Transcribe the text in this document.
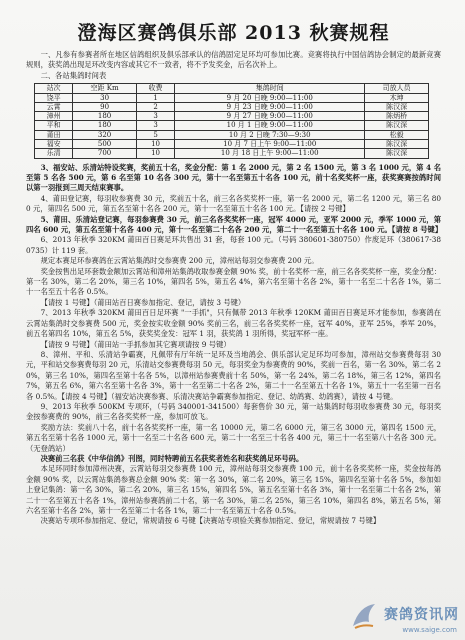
澄海区赛鸽俱乐部 2013 秋赛规程

一、凡参有参赛者所在地区信鸽组织及俱乐部承认的信鸽固定足环均可参加比赛。竞赛将执行中国信鸽协会制定的最新竞赛规则，获奖鸽出现足环改变内容或其它不一致者，将不予发奖金，后名次补上。

二、各站集鸽时间表

站次	空距 Km	收费	集鸽时间	司放人员
饶平	30	1	9 月 20 日晚 9:00—11:00	木坤
云霄	90	2	9 月 23 日晚 9:00—11:00	陈汉深
漳州	180	3	9 月 27 日晚 9:00—11:00	陈炳桥
平和	180	3	10 月 1 日晚 9:00—11:00	陈汉深
莆田	320	5	10 月 2 日晚 7:30—9:30	松毅
福安	500	10	10 月 7 日上午 9:00—11:00	陈汉深
乐清	700	10	10 月 18 日上午 9:00—11:00	陈汉深

3、福安站、乐清站特设奖赛，奖前五十名，奖金分配：第 1 名 2000 元，第 2 名 1500 元，第 3 名 1000 元，第 4 名至第 5 名各 500 元，第 6 名至第 10 名各 300 元，第十一名至第五十名各 100 元，前十名奖奖杯一座，获奖赛赛按鸽时间以第一羽报到三周天结束赛事。

4、莆田登记赛，每羽收参赛费 30 元，奖前五十名，前三名各奖奖杯一座，第一名 2000 元，第二名 1200 元，第三名 800 元，第四名 500 元，第五名至第十名各 200 元，第十一名至第五十名各 100 元。【请按 2 号键】

5、莆田、乐清站登记赛，每羽参赛费 30 元，前三名各奖奖杯一座，冠军 4000 元，亚军 2000 元，季军 1000 元，第四名 600 元，第五名至第十名各 400 元，第十一名至第二十名各 200 元，第二十一名至第五十名各 100 元。【请按 8 号键】

6、2013 年秋季 320KM 莆田百日赛足环共售出 31 套，每套 100 元。（号码 380601-380750）作废足环（380617-380735）计 119 套。

规定本赛足环参赛鸽在云霄站集鸽时交参赛费 200 元，漳州站每羽交参赛费 200 元。

奖金按售出足环套数金额加云霄站和漳州站集鸽收取参赛金额 90% 奖，前十名奖杯一座，前三名各奖奖杯一座，奖金分配：第一名 30%，第二名 20%，第三名 10%，第四名 5%，第五名 4%，第六名至第十名各 2%，第十一名至二十名各 1%，第二十一名至五十名各 0.5%。

【请按 1 号键】（莆田站百日赛参加指定、登记，请按 3 号键）

7、2013 年秋季 320KM 莆田百日足环赛 "一手抓"，只有佩带 2013 年秋季 120KM 莆田百日赛足环才能参加，参赛鸽在云霄站集鸽时交参赛费 500 元，奖金按实收金额 90% 奖前三名，前三名各奖奖杯一座，冠军 40%，亚军 25%，季军 20%，前五名第四名 10%，第五名 5%，获奖奖金发：冠军 1 羽，获奖鸽 1 羽所得，奖冠军杯一座。

【请按 9 号键】（莆田站一手抓参加其它赛项请按 9 号键）

8、漳州、平和、乐清站争霸赛，凡佩带有厅年统一足环及当地鸽会、俱乐部认定足环均可参加，漳州站交参赛费每羽 30 元，平和站交参赛费每羽 20 元，乐清站交参赛费每羽 50 元，每羽奖金为参赛费的 90%，奖前一百名，第一名 30%，第二名 20%，第三名 10%，第四名至第十名各 5%，以漳州站参赛费前十名 50%，第一名 24%，第二名 18%，第三名 12%，第四名 7%，第五名 6%，第六名至第十名各 3%，第十一名至第二十名各 2%，第二十一名至第五十名各 1%，第五十一名至第一百名各 0.5%。【请按 4 号键】（福安站决赛参赛、乐清决赛站争霸赛参加指定、登记、幼鸽赛、幼鸽赛），请按 4 号键。

9、2013 年秋季 500KM 专项环，（号码 340001-341500）每套售价 30 元，第一站集鸽时每羽收参赛费 30 元，每羽奖金按参赛费的 90%，前三名各奖奖杯一座，参加可放飞。

奖励方法：奖前八十名，前十名各奖奖杯一座，第一名 10000 元，第二名 6000 元，第三名 3000 元，第四名 1500 元，第五名至第十名各 1000 元，第十一名至二十名各 600 元，第二十一名至三十名各 400 元，第三十一名至第八十名各 300 元。（无登鸽站）

决赛前三名获《中华信鸽》刊图，同时特聘前五名获奖者姓名和获奖鸽足环号码。

本足环同时参加漳州决赛，云霄站每羽交参赛费 100 元，漳州站每羽交参赛费 100 元，前十名各奖奖杯一座，奖金按每鸽金额 90% 奖，以云霄站集鸽参赛总金额 90% 奖：第一名 30%，第二名 20%，第三名 15%，第四名至第十名各 5%，参加如上登记集鸽：第一名 30%，第二名 20%，第三名 15%，第四名 5%，第五名至第十名各 3%，第十一名至第二十名各 2%，第二十一名至第五十名各 1%，漳州站参赛鸽前二十名，第一名 30%，第二名 25%，第三名 10%，第四名 8%，第五名 5%，第六名至第十名各 2%，第十一名至第二十名各 1%，第二十一名至第五十名各 0.5%。

决赛站专项环参加指定、登记，常规请按 6 号键【决赛站专项验关赛参加指定、登记，常规请按 7 号键】

赛鸽资讯网
www.saige.com
